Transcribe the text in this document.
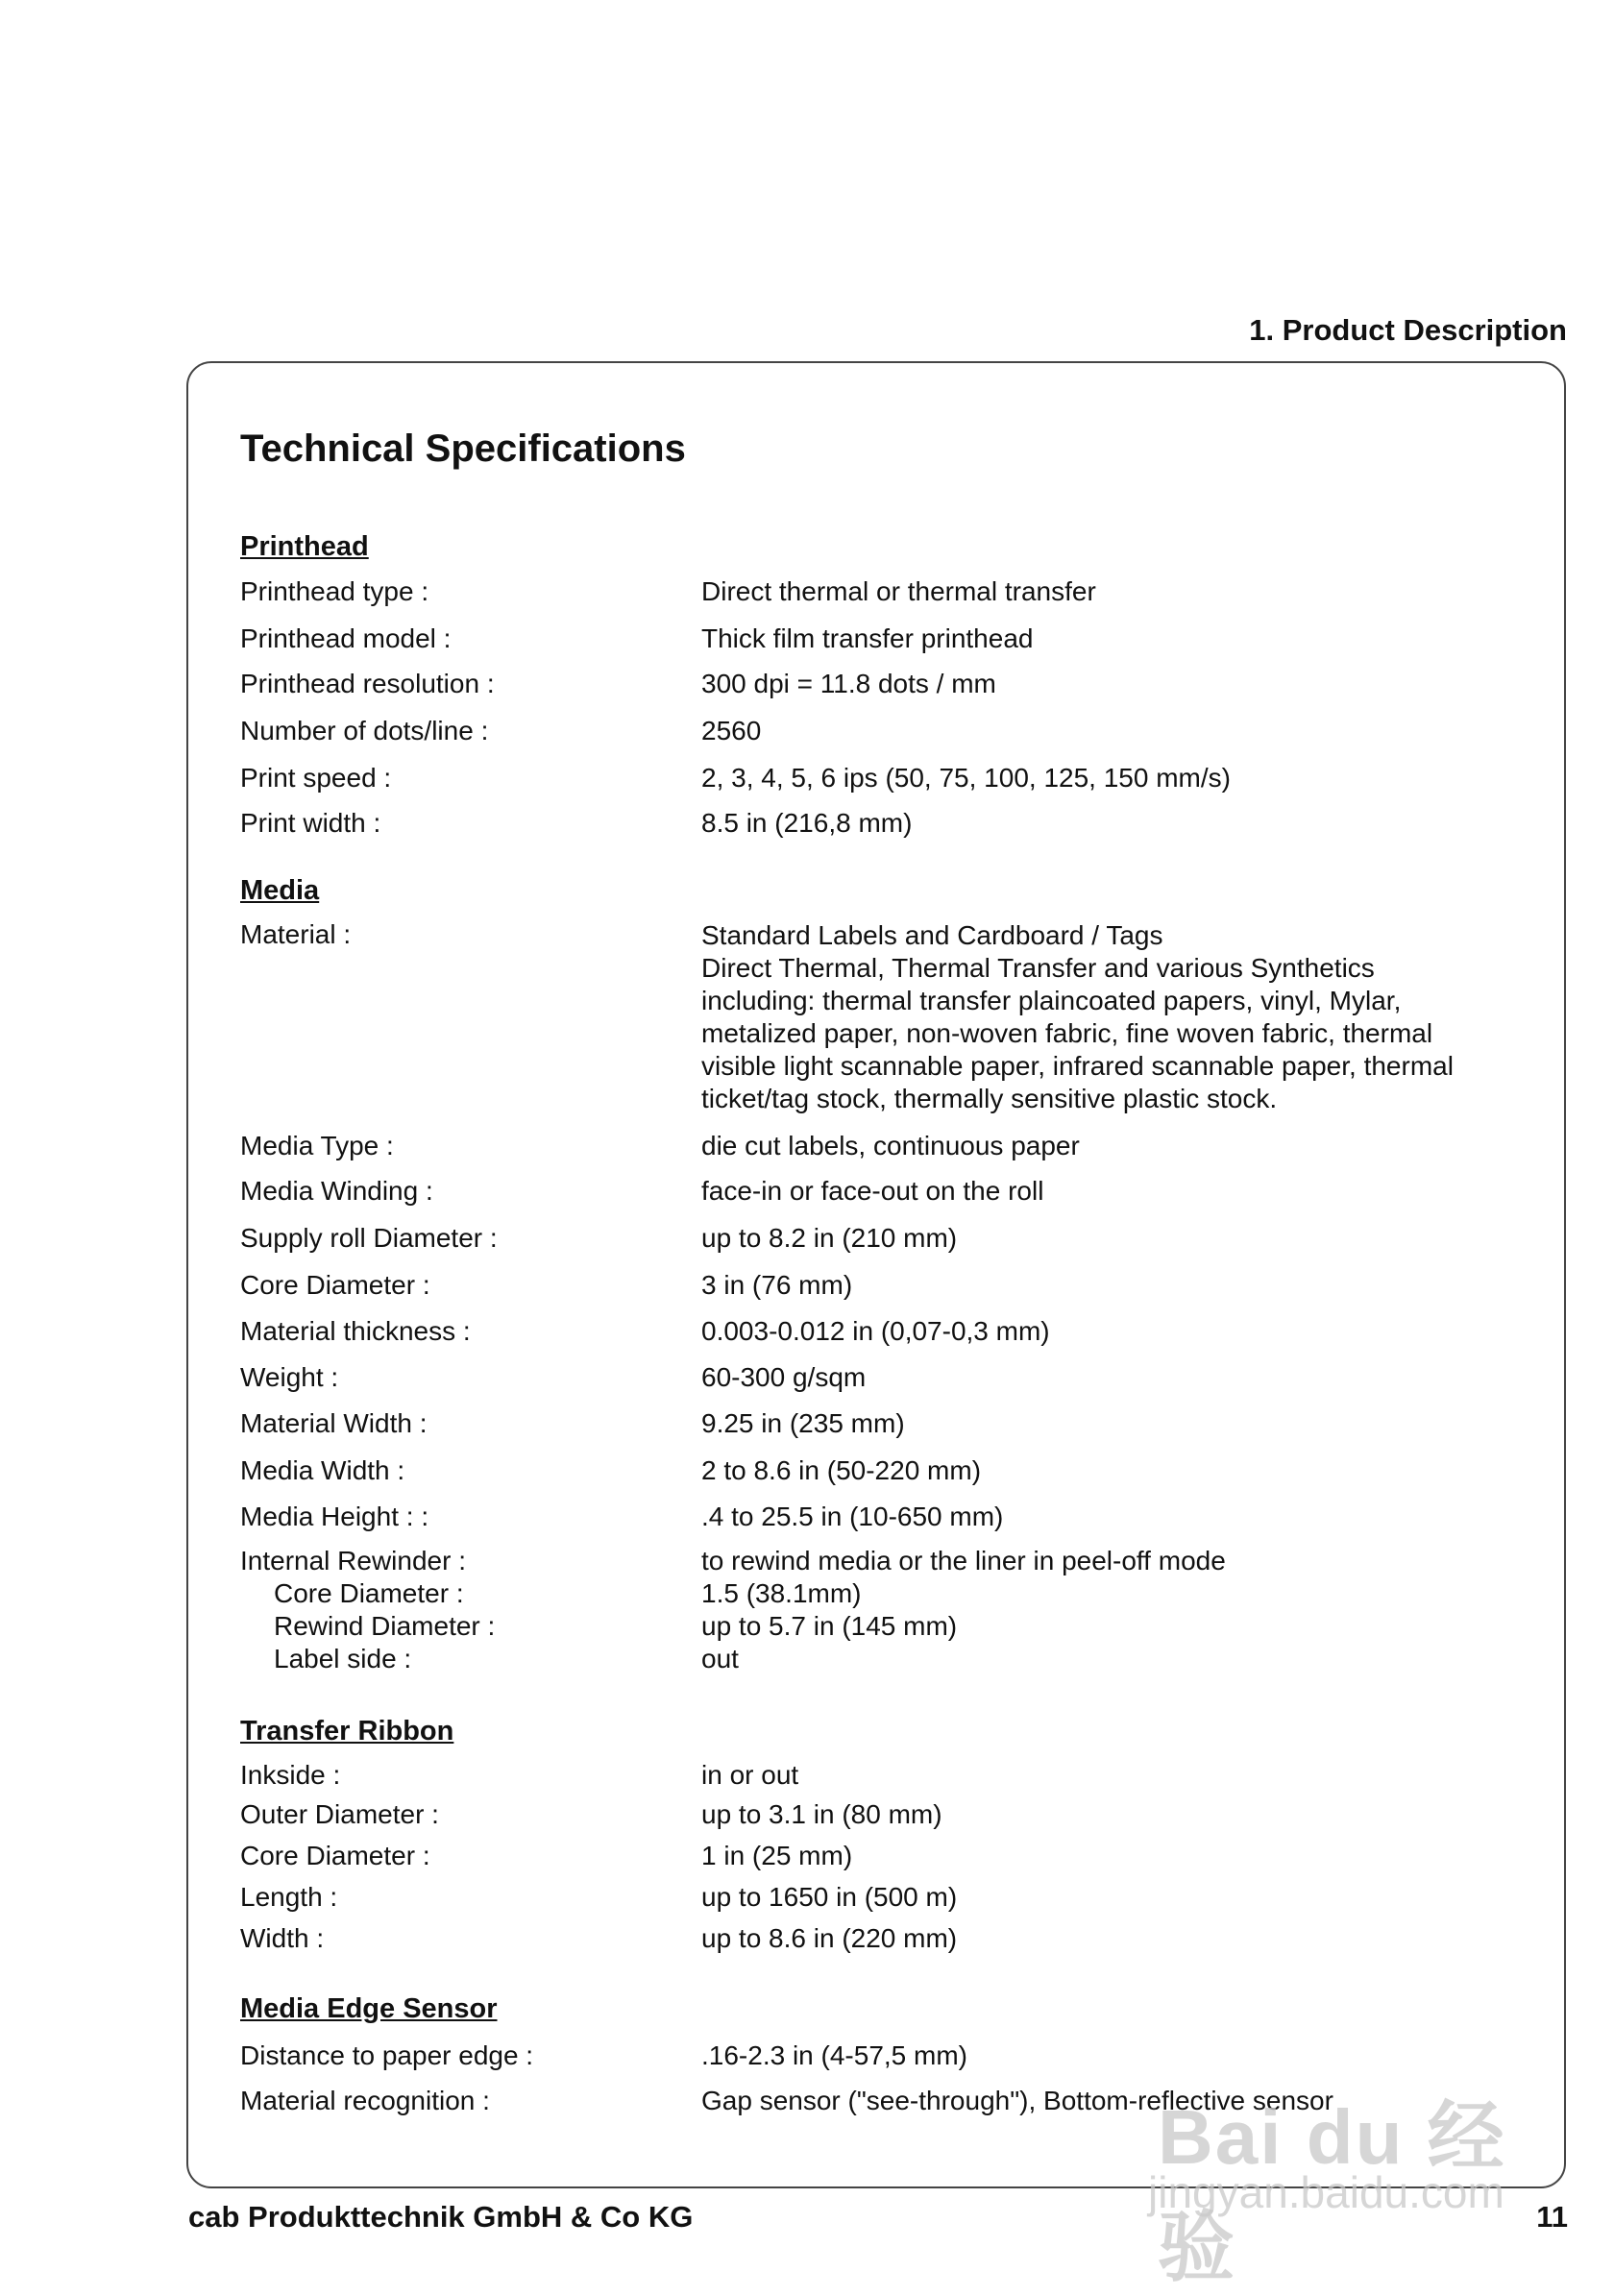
1. Product Description
Technical Specifications
Printhead
Printhead type :	Direct thermal or thermal transfer
Printhead model :	Thick film transfer printhead
Printhead resolution :	300 dpi = 11.8 dots / mm
Number of dots/line :	2560
Print speed :	2, 3, 4, 5, 6 ips (50, 75, 100, 125, 150 mm/s)
Print width :	8.5 in (216,8 mm)
Media
Material :	Standard Labels and Cardboard / Tags
Direct Thermal, Thermal Transfer and various Synthetics
including: thermal transfer plaincoated papers, vinyl, Mylar,
metalized paper, non-woven fabric, fine woven fabric, thermal
visible light scannable paper, infrared scannable paper, thermal
ticket/tag stock, thermally sensitive plastic stock.
Media Type :	die cut labels, continuous paper
Media Winding :	face-in or face-out on the roll
Supply roll Diameter :	up to 8.2 in (210 mm)
Core Diameter :	3 in (76 mm)
Material thickness :	0.003-0.012 in (0,07-0,3 mm)
Weight :	60-300 g/sqm
Material Width :	9.25 in (235 mm)
Media Width :	2 to 8.6 in (50-220 mm)
Media Height : :	.4 to 25.5 in (10-650 mm)
Internal Rewinder :	to rewind media or the liner in peel-off mode
Core Diameter :	1.5 (38.1mm)
Rewind Diameter :	up to 5.7 in (145 mm)
Label side :	out
Transfer Ribbon
Inkside :	in or out
Outer Diameter :	up to 3.1 in (80 mm)
Core Diameter :	1 in (25 mm)
Length :	up to 1650 in (500 m)
Width :	up to 8.6 in (220 mm)
Media Edge Sensor
Distance to paper edge :	.16-2.3 in (4-57,5 mm)
Material recognition :	Gap sensor ("see-through"), Bottom-reflective sensor
Bai du 经验
jingyan.baidu.com
cab Produkttechnik GmbH & Co KG	11
